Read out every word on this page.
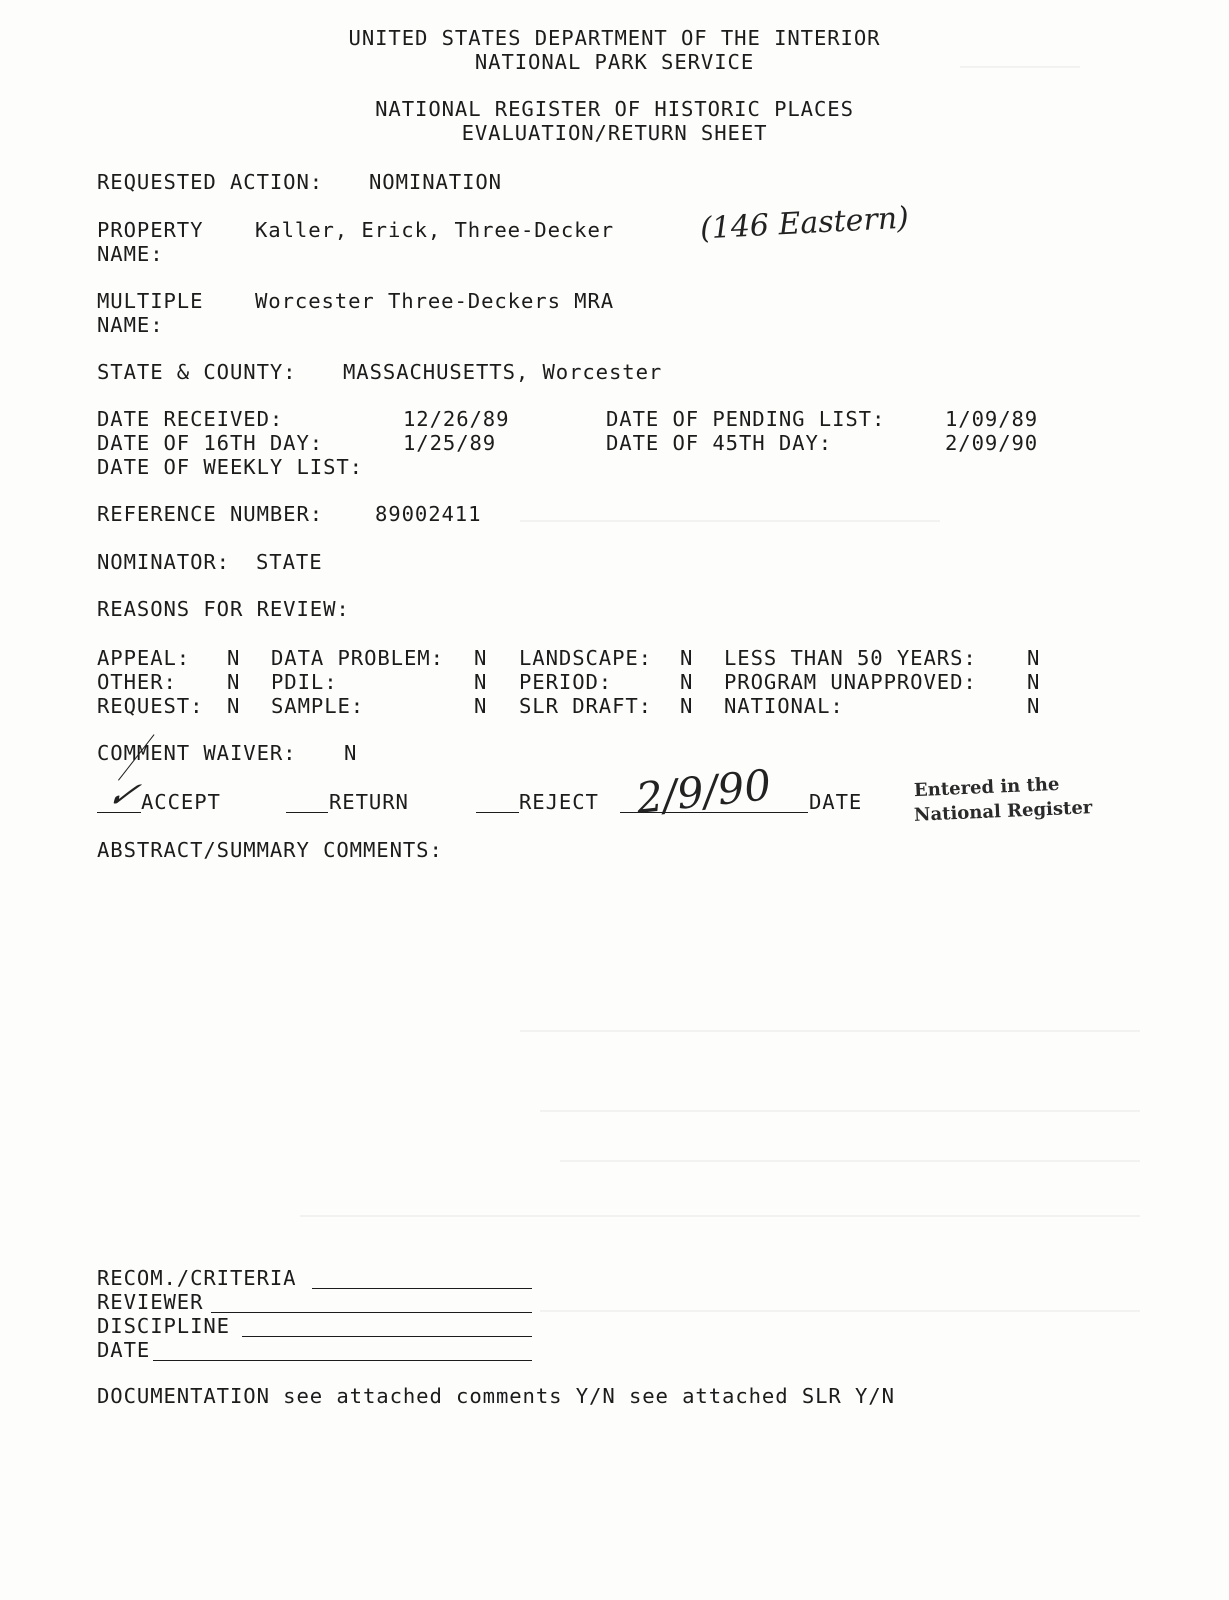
UNITED STATES DEPARTMENT OF THE INTERIOR
NATIONAL PARK SERVICE
NATIONAL REGISTER OF HISTORIC PLACES
EVALUATION/RETURN SHEET
REQUESTED ACTION: NOMINATION
PROPERTY
NAME:
Kaller, Erick, Three-Decker	(146 Eastern)
MULTIPLE
NAME:
Worcester Three-Deckers MRA
STATE & COUNTY: MASSACHUSETTS, Worcester
DATE RECEIVED:	12/26/89	DATE OF PENDING LIST:	1/09/89
DATE OF 16TH DAY:	1/25/89	DATE OF 45TH DAY:	2/09/90
DATE OF WEEKLY LIST:
REFERENCE NUMBER:	89002411
NOMINATOR: STATE
REASONS FOR REVIEW:
APPEAL: N DATA PROBLEM: N LANDSCAPE: N LESS THAN 50 YEARS: N
OTHER: N PDIL:	N PERIOD:	N PROGRAM UNAPPROVED: N
REQUEST: N SAMPLE:	N SLR DRAFT: N NATIONAL:	N
COMMENT WAIVER: N
✓
ACCEPT	RETURN	REJECT 2/9/90 DATE
Entered in the
National Register
ABSTRACT/SUMMARY COMMENTS:
RECOM./CRITERIA
REVIEWER
DISCIPLINE
DATE
DOCUMENTATION see attached comments Y/N see attached SLR Y/N
